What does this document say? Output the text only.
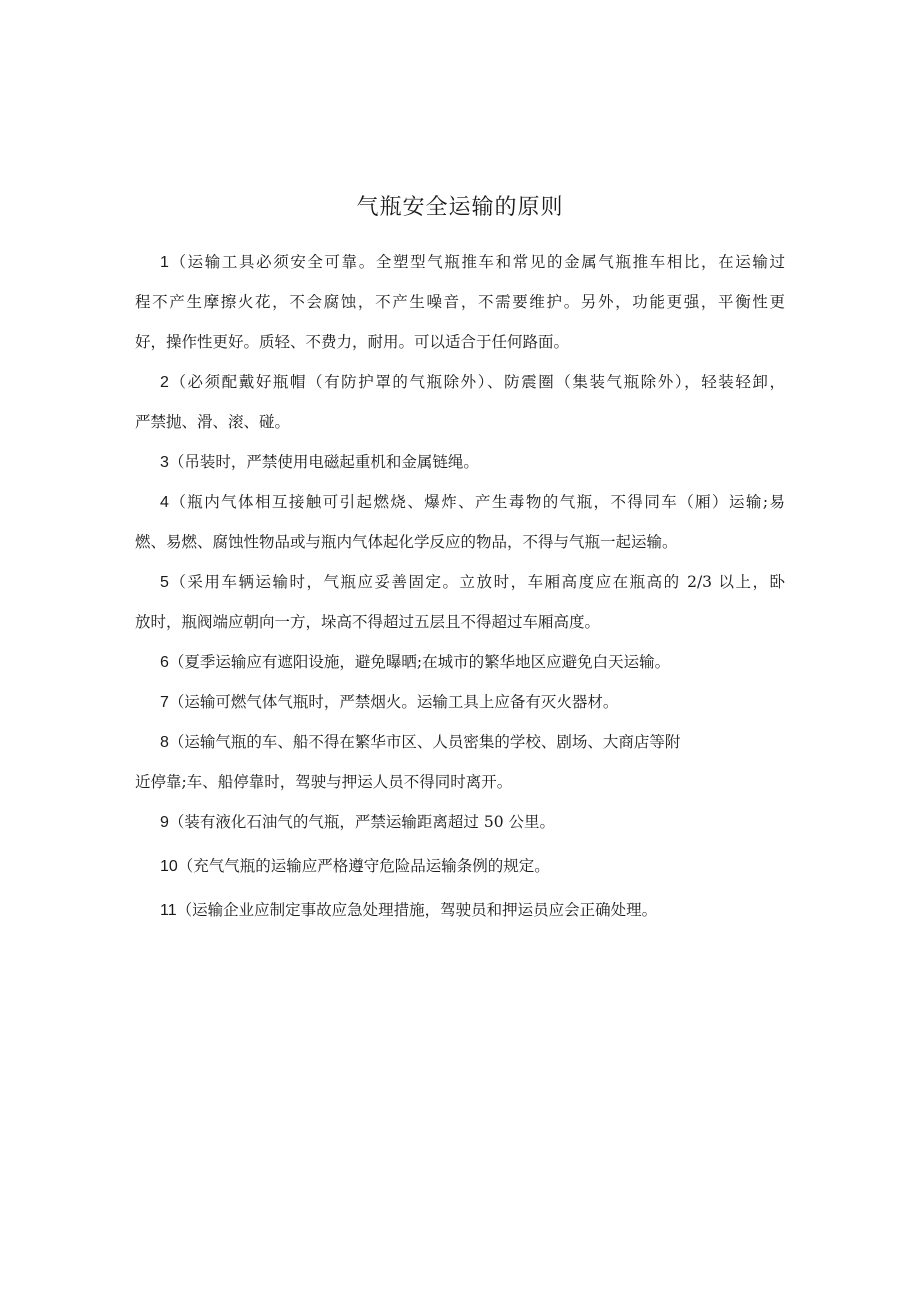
气瓶安全运输的原则
1（运输工具必须安全可靠。全塑型气瓶推车和常见的金属气瓶推车相比，在运输过
程不产生摩擦火花，不会腐蚀，不产生噪音，不需要维护。另外，功能更强，平衡性更
好，操作性更好。质轻、不费力，耐用。可以适合于任何路面。
2（必须配戴好瓶帽（有防护罩的气瓶除外）、防震圈（集装气瓶除外），轻装轻卸，
严禁抛、滑、滚、碰。
3（吊装时，严禁使用电磁起重机和金属链绳。
4（瓶内气体相互接触可引起燃烧、爆炸、产生毒物的气瓶，不得同车（厢）运输;易
燃、易燃、腐蚀性物品或与瓶内气体起化学反应的物品，不得与气瓶一起运输。
5（采用车辆运输时，气瓶应妥善固定。立放时，车厢高度应在瓶高的 2/3 以上，卧
放时，瓶阀端应朝向一方，垛高不得超过五层且不得超过车厢高度。
6（夏季运输应有遮阳设施，避免曝晒;在城市的繁华地区应避免白天运输。
7（运输可燃气体气瓶时，严禁烟火。运输工具上应备有灭火器材。
8（运输气瓶的车、船不得在繁华市区、人员密集的学校、剧场、大商店等附
近停靠;车、船停靠时，驾驶与押运人员不得同时离开。
9（装有液化石油气的气瓶，严禁运输距离超过 50 公里。
10（充气气瓶的运输应严格遵守危险品运输条例的规定。
11（运输企业应制定事故应急处理措施，驾驶员和押运员应会正确处理。
